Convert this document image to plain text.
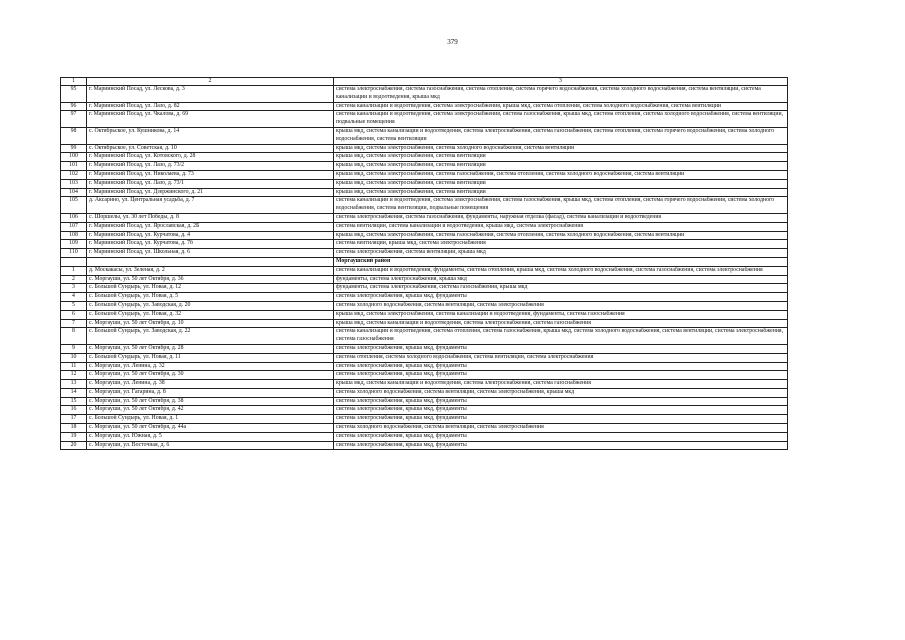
379
1	2	3
95	г. Мариинский Посад, ул. Лескова, д. 3	система электроснабжения, система газоснабжения, система отопления, система горячего водоснабжения, система холодного водоснабжения, система вентиляции, система канализации и водоотведения, крыша мкд
96	г. Мариинский Посад, ул. Лазо, д. 82	система канализации и водоотведения, система электроснабжения, крыша мкд, система отопления, система холодного водоснабжения, система вентиляции
97	г. Мариинский Посад, ул. Чкалова, д. 69	система канализации и водоотведения, система электроснабжения, система газоснабжения, крыша мкд, система отопления, система холодного водоснабжения, система вентиляции, подвальные помещения
98	с. Октябрьское, ул. Кушникова, д. 14	крыша мкд, система канализации и водоотведения, система электроснабжения, система газоснабжения, система отопления, система горячего водоснабжения, система холодного водоснабжения, система вентиляции
99	с. Октябрьское, ул. Советская, д. 10	крыша мкд, система электроснабжения, система холодного водоснабжения, система вентиляции
100	г. Мариинский Посад, ул. Котовского, д. 28	крыша мкд, система электроснабжения, система вентиляции
101	г. Мариинский Посад, ул. Лазо, д. 73/2	крыша мкд, система электроснабжения, система вентиляции
102	г. Мариинский Посад, ул. Николаева, д. 73	крыша мкд, система электроснабжения, система газоснабжения, система отопления, система холодного водоснабжения, система вентиляции
103	г. Мариинский Посад, ул. Лазо, д. 73/1	крыша мкд, система электроснабжения, система вентиляции
104	г. Мариинский Посад, ул. Дзержинского, д. 21	крыша мкд, система электроснабжения, система вентиляции
105	д. Аксарино, ул. Центральная усадьба, д. 7	система канализации и водоотведения, система электроснабжения, система газоснабжения, крыша мкд, система отопления, система горячего водоснабжения, система холодного водоснабжения, система вентиляции, подвальные помещения
106	с. Шоршелы, ул. 30 лет Победы, д. 8	система электроснабжения, система газоснабжения, фундаменты, наружная отделка (фасад), система канализации и водоотведения
107	г. Мариинский Посад, ул. Ярославская, д. 2Б	система вентиляции, система канализации и водоотведения, крыша мкд, система электроснабжения
108	г. Мариинский Посад, ул. Курчатова, д. 4	крыша мкд, система электроснабжения, система газоснабжения, система отопления, система холодного водоснабжения, система вентиляции
109	г. Мариинский Посад, ул. Курчатова, д. 7б	система вентиляции, крыша мкд, система электроснабжения
110	г. Мариинский Посад, ул. Школьная, д. 6	система электроснабжения, система вентиляции, крыша мкд
		Моргаушский район
1	д. Москакасы, ул. Зеленая, д. 2	система канализации и водоотведения, фундаменты, система отопления, крыша мкд, система холодного водоснабжения, система газоснабжения, система электроснабжения
2	с. Моргауши, ул. 50 лет Октября, д. 36	фундаменты, система электроснабжения, крыша мкд
3	с. Большой Сундырь, ул. Новая, д. 12	фундаменты, система электроснабжения, система газоснабжения, крыша мкд
4	с. Большой Сундырь, ул. Новая, д. 5	система электроснабжения, крыша мкд, фундаменты
5	с. Большой Сундырь, ул. Заводская, д. 20	система холодного водоснабжения, система вентиляции, система электроснабжения
6	с. Большой Сундырь, ул. Новая, д. 32	крыша мкд, система электроснабжения, система канализации и водоотведения, фундаменты, система газоснабжения
7	с. Моргауши, ул. 50 лет Октября, д. 10	крыша мкд, система канализации и водоотведения, система электроснабжения, система газоснабжения
8	с. Большой Сундырь, ул. Заводская, д. 22	система канализации и водоотведения, система отопления, система газоснабжения, крыша мкд, система холодного водоснабжения, система вентиляции, система электроснабжения, система газоснабжения
9	с. Моргауши, ул. 50 лет Октября, д. 28	система электроснабжения, крыша мкд, фундаменты
10	с. Большой Сундырь, ул. Новая, д. 11	система отопления, система холодного водоснабжения, система вентиляции, система электроснабжения
11	с. Моргауши, ул. Ленина, д. 32	система электроснабжения, крыша мкд, фундаменты
12	с. Моргауши, ул. 50 лет Октября, д. 30	система электроснабжения, крыша мкд, фундаменты
13	с. Моргауши, ул. Ленина, д. 38	крыша мкд, система канализации и водоотведения, система электроснабжения, система газоснабжения
14	с. Моргауши, ул. Гагарина, д. 8	система холодного водоснабжения, система вентиляции, система электроснабжения, крыша мкд
15	с. Моргауши, ул. 50 лет Октября, д. 38	система электроснабжения, крыша мкд, фундаменты
16	с. Моргауши, ул. 50 лет Октября, д. 42	система электроснабжения, крыша мкд, фундаменты
17	с. Большой Сундырь, ул. Новая, д. 1	система электроснабжения, крыша мкд, фундаменты
18	с. Моргауши, ул. 50 лет Октября, д. 44а	система холодного водоснабжения, система вентиляции, система электроснабжения
19	с. Моргауши, ул. Южная, д. 5	система электроснабжения, крыша мкд, фундаменты
20	с. Моргауши, ул. Восточная, д. 6	система электроснабжения, крыша мкд, фундаменты
